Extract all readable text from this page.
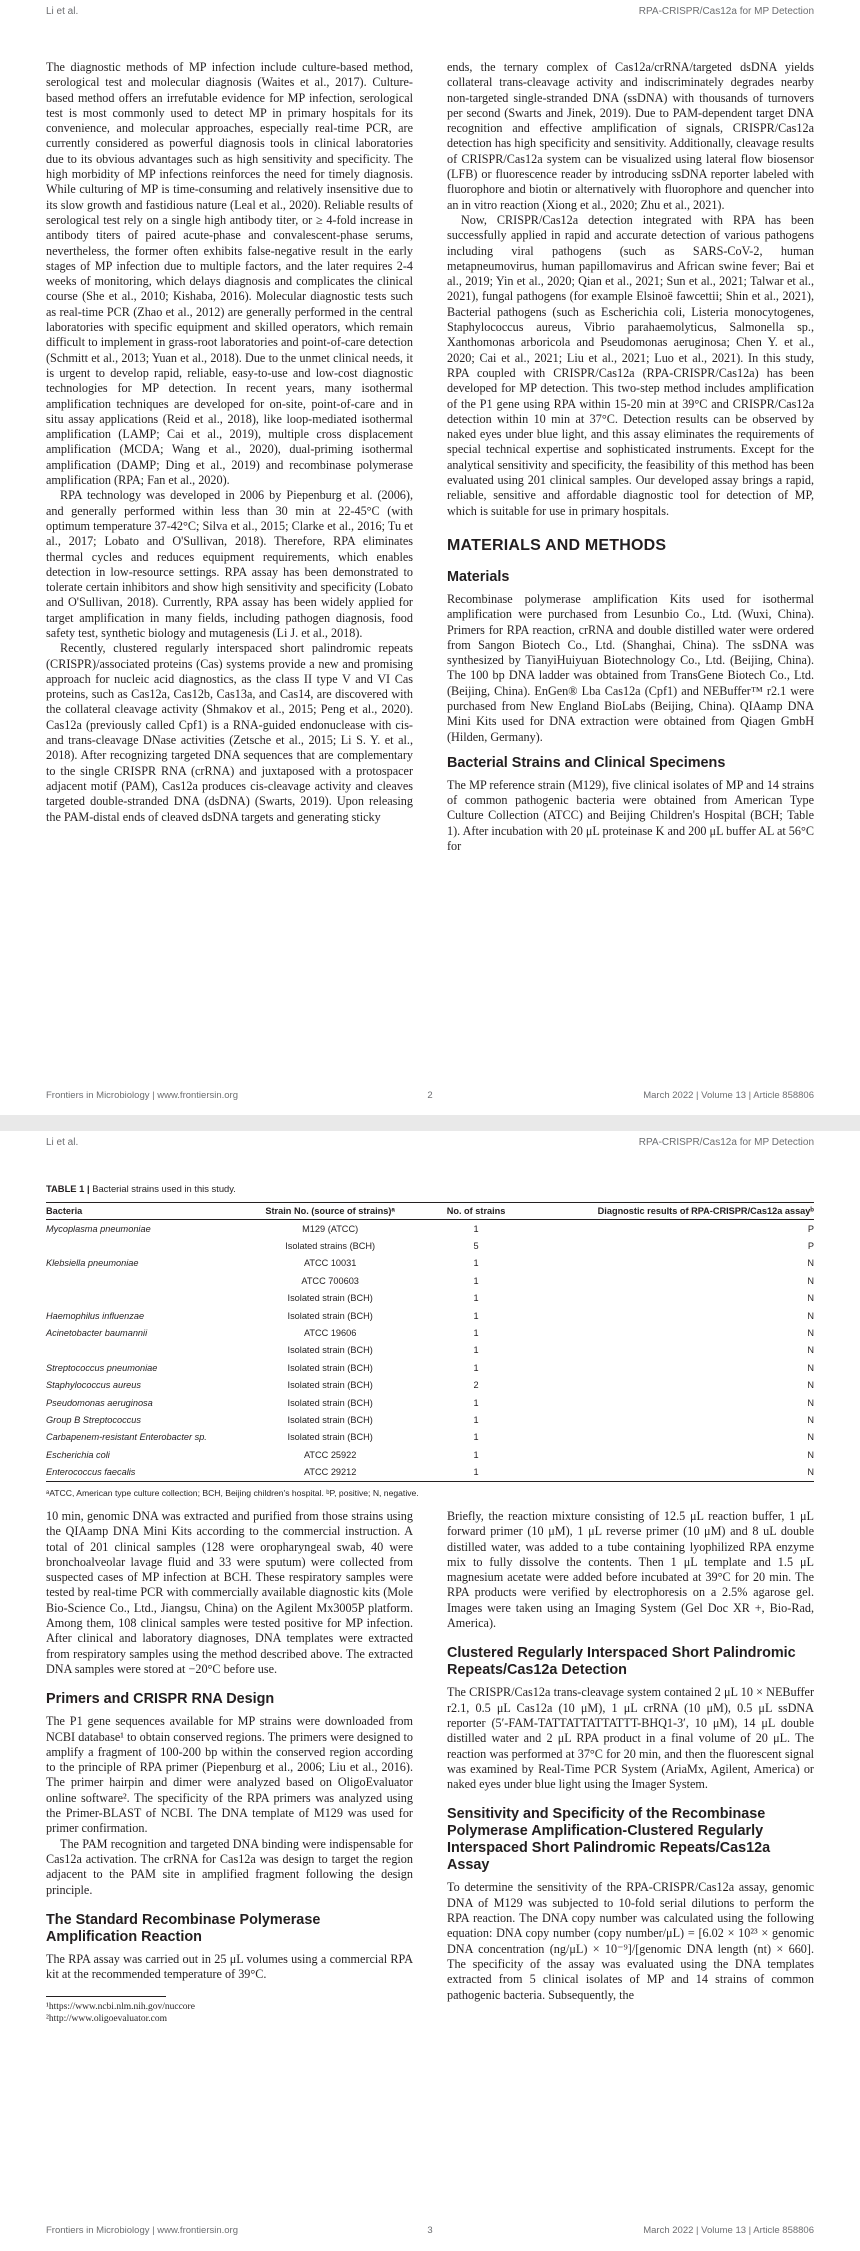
Li et al.	RPA-CRISPR/Cas12a for MP Detection

The diagnostic methods of MP infection include culture-based method, serological test and molecular diagnosis (Waites et al., 2017). Culture-based method offers an irrefutable evidence for MP infection, serological test is most commonly used to detect MP in primary hospitals for its convenience, and molecular approaches, especially real-time PCR, are currently considered as powerful diagnosis tools in clinical laboratories due to its obvious advantages such as high sensitivity and specificity. The high morbidity of MP infections reinforces the need for timely diagnosis. While culturing of MP is time-consuming and relatively insensitive due to its slow growth and fastidious nature (Leal et al., 2020). Reliable results of serological test rely on a single high antibody titer, or ≥ 4-fold increase in antibody titers of paired acute-phase and convalescent-phase serums, nevertheless, the former often exhibits false-negative result in the early stages of MP infection due to multiple factors, and the later requires 2-4 weeks of monitoring, which delays diagnosis and complicates the clinical course (She et al., 2010; Kishaba, 2016). Molecular diagnostic tests such as real-time PCR (Zhao et al., 2012) are generally performed in the central laboratories with specific equipment and skilled operators, which remain difficult to implement in grass-root laboratories and point-of-care detection (Schmitt et al., 2013; Yuan et al., 2018). Due to the unmet clinical needs, it is urgent to develop rapid, reliable, easy-to-use and low-cost diagnostic technologies for MP detection. In recent years, many isothermal amplification techniques are developed for on-site, point-of-care and in situ assay applications (Reid et al., 2018), like loop-mediated isothermal amplification (LAMP; Cai et al., 2019), multiple cross displacement amplification (MCDA; Wang et al., 2020), dual-priming isothermal amplification (DAMP; Ding et al., 2019) and recombinase polymerase amplification (RPA; Fan et al., 2020).

RPA technology was developed in 2006 by Piepenburg et al. (2006), and generally performed within less than 30 min at 22-45°C (with optimum temperature 37-42°C; Silva et al., 2015; Clarke et al., 2016; Tu et al., 2017; Lobato and O'Sullivan, 2018). Therefore, RPA eliminates thermal cycles and reduces equipment requirements, which enables detection in low-resource settings. RPA assay has been demonstrated to tolerate certain inhibitors and show high sensitivity and specificity (Lobato and O'Sullivan, 2018). Currently, RPA assay has been widely applied for target amplification in many fields, including pathogen diagnosis, food safety test, synthetic biology and mutagenesis (Li J. et al., 2018).

Recently, clustered regularly interspaced short palindromic repeats (CRISPR)/associated proteins (Cas) systems provide a new and promising approach for nucleic acid diagnostics, as the class II type V and VI Cas proteins, such as Cas12a, Cas12b, Cas13a, and Cas14, are discovered with the collateral cleavage activity (Shmakov et al., 2015; Peng et al., 2020). Cas12a (previously called Cpf1) is a RNA-guided endonuclease with cis- and trans-cleavage DNase activities (Zetsche et al., 2015; Li S. Y. et al., 2018). After recognizing targeted DNA sequences that are complementary to the single CRISPR RNA (crRNA) and juxtaposed with a protospacer adjacent motif (PAM), Cas12a produces cis-cleavage activity and cleaves targeted double-stranded DNA (dsDNA) (Swarts, 2019). Upon releasing the PAM-distal ends of cleaved dsDNA targets and generating sticky

ends, the ternary complex of Cas12a/crRNA/targeted dsDNA yields collateral trans-cleavage activity and indiscriminately degrades nearby non-targeted single-stranded DNA (ssDNA) with thousands of turnovers per second (Swarts and Jinek, 2019). Due to PAM-dependent target DNA recognition and effective amplification of signals, CRISPR/Cas12a detection has high specificity and sensitivity. Additionally, cleavage results of CRISPR/Cas12a system can be visualized using lateral flow biosensor (LFB) or fluorescence reader by introducing ssDNA reporter labeled with fluorophore and biotin or alternatively with fluorophore and quencher into an in vitro reaction (Xiong et al., 2020; Zhu et al., 2021).

Now, CRISPR/Cas12a detection integrated with RPA has been successfully applied in rapid and accurate detection of various pathogens including viral pathogens (such as SARS-CoV-2, human metapneumovirus, human papillomavirus and African swine fever; Bai et al., 2019; Yin et al., 2020; Qian et al., 2021; Sun et al., 2021; Talwar et al., 2021), fungal pathogens (for example Elsinoë fawcettii; Shin et al., 2021), Bacterial pathogens (such as Escherichia coli, Listeria monocytogenes, Staphylococcus aureus, Vibrio parahaemolyticus, Salmonella sp., Xanthomonas arboricola and Pseudomonas aeruginosa; Chen Y. et al., 2020; Cai et al., 2021; Liu et al., 2021; Luo et al., 2021). In this study, RPA coupled with CRISPR/Cas12a (RPA-CRISPR/Cas12a) has been developed for MP detection. This two-step method includes amplification of the P1 gene using RPA within 15-20 min at 39°C and CRISPR/Cas12a detection within 10 min at 37°C. Detection results can be observed by naked eyes under blue light, and this assay eliminates the requirements of special technical expertise and sophisticated instruments. Except for the analytical sensitivity and specificity, the feasibility of this method has been evaluated using 201 clinical samples. Our developed assay brings a rapid, reliable, sensitive and affordable diagnostic tool for detection of MP, which is suitable for use in primary hospitals.

MATERIALS AND METHODS
Materials

Recombinase polymerase amplification Kits used for isothermal amplification were purchased from Lesunbio Co., Ltd. (Wuxi, China). Primers for RPA reaction, crRNA and double distilled water were ordered from Sangon Biotech Co., Ltd. (Shanghai, China). The ssDNA was synthesized by TianyiHuiyuan Biotechnology Co., Ltd. (Beijing, China). The 100 bp DNA ladder was obtained from TransGene Biotech Co., Ltd. (Beijing, China). EnGen® Lba Cas12a (Cpf1) and NEBuffer™ r2.1 were purchased from New England BioLabs (Beijing, China). QIAamp DNA Mini Kits used for DNA extraction were obtained from Qiagen GmbH (Hilden, Germany).

Bacterial Strains and Clinical Specimens

The MP reference strain (M129), five clinical isolates of MP and 14 strains of common pathogenic bacteria were obtained from American Type Culture Collection (ATCC) and Beijing Children's Hospital (BCH; Table 1). After incubation with 20 μL proteinase K and 200 μL buffer AL at 56°C for

Frontiers in Microbiology | www.frontiersin.org	2	March 2022 | Volume 13 | Article 858806
Li et al.	RPA-CRISPR/Cas12a for MP Detection
TABLE 1 | Bacterial strains used in this study.
Bacteria	Strain No. (source of strains)ᵃ	No. of strains	Diagnostic results of RPA-CRISPR/Cas12a assayᵇ
Mycoplasma pneumoniae	M129 (ATCC)	1	P
	Isolated strains (BCH)	5	P
Klebsiella pneumoniae	ATCC 10031	1	N
	ATCC 700603	1	N
	Isolated strain (BCH)	1	N
Haemophilus influenzae	Isolated strain (BCH)	1	N
Acinetobacter baumannii	ATCC 19606	1	N
	Isolated strain (BCH)	1	N
Streptococcus pneumoniae	Isolated strain (BCH)	1	N
Staphylococcus aureus	Isolated strain (BCH)	2	N
Pseudomonas aeruginosa	Isolated strain (BCH)	1	N
Group B Streptococcus	Isolated strain (BCH)	1	N
Carbapenem-resistant Enterobacter sp.	Isolated strain (BCH)	1	N
Escherichia coli	ATCC 25922	1	N
Enterococcus faecalis	ATCC 29212	1	N
ᵃATCC, American type culture collection; BCH, Beijing children's hospital. ᵇP, positive; N, negative.

10 min, genomic DNA was extracted and purified from those strains using the QIAamp DNA Mini Kits according to the commercial instruction. A total of 201 clinical samples (128 were oropharyngeal swab, 40 were bronchoalveolar lavage fluid and 33 were sputum) were collected from suspected cases of MP infection at BCH. These respiratory samples were tested by real-time PCR with commercially available diagnostic kits (Mole Bio-Science Co., Ltd., Jiangsu, China) on the Agilent Mx3005P platform. Among them, 108 clinical samples were tested positive for MP infection. After clinical and laboratory diagnoses, DNA templates were extracted from respiratory samples using the method described above. The extracted DNA samples were stored at −20°C before use.

Primers and CRISPR RNA Design

The P1 gene sequences available for MP strains were downloaded from NCBI database¹ to obtain conserved regions. The primers were designed to amplify a fragment of 100-200 bp within the conserved region according to the principle of RPA primer (Piepenburg et al., 2006; Liu et al., 2016). The primer hairpin and dimer were analyzed based on OligoEvaluator online software². The specificity of the RPA primers was analyzed using the Primer-BLAST of NCBI. The DNA template of M129 was used for primer confirmation.

The PAM recognition and targeted DNA binding were indispensable for Cas12a activation. The crRNA for Cas12a was design to target the region adjacent to the PAM site in amplified fragment following the design principle.

The Standard Recombinase Polymerase Amplification Reaction

The RPA assay was carried out in 25 μL volumes using a commercial RPA kit at the recommended temperature of 39°C.

¹https://www.ncbi.nlm.nih.gov/nuccore
²http://www.oligoevaluator.com

Briefly, the reaction mixture consisting of 12.5 μL reaction buffer, 1 μL forward primer (10 μM), 1 μL reverse primer (10 μM) and 8 uL double distilled water, was added to a tube containing lyophilized RPA enzyme mix to fully dissolve the contents. Then 1 μL template and 1.5 μL magnesium acetate were added before incubated at 39°C for 20 min. The RPA products were verified by electrophoresis on a 2.5% agarose gel. Images were taken using an Imaging System (Gel Doc XR +, Bio-Rad, America).

Clustered Regularly Interspaced Short Palindromic Repeats/Cas12a Detection

The CRISPR/Cas12a trans-cleavage system contained 2 μL 10 × NEBuffer r2.1, 0.5 μL Cas12a (10 μM), 1 μL crRNA (10 μM), 0.5 μL ssDNA reporter (5′-FAM-TATTATTATTATTT-BHQ1-3′, 10 μM), 14 μL double distilled water and 2 μL RPA product in a final volume of 20 μL. The reaction was performed at 37°C for 20 min, and then the fluorescent signal was examined by Real-Time PCR System (AriaMx, Agilent, America) or naked eyes under blue light using the Imager System.

Sensitivity and Specificity of the Recombinase Polymerase Amplification-Clustered Regularly Interspaced Short Palindromic Repeats/Cas12a Assay

To determine the sensitivity of the RPA-CRISPR/Cas12a assay, genomic DNA of M129 was subjected to 10-fold serial dilutions to perform the RPA reaction. The DNA copy number was calculated using the following equation: DNA copy number (copy number/μL) = [6.02 × 10²³ × genomic DNA concentration (ng/μL) × 10⁻⁹]/[genomic DNA length (nt) × 660]. The specificity of the assay was evaluated using the DNA templates extracted from 5 clinical isolates of MP and 14 strains of common pathogenic bacteria. Subsequently, the

Frontiers in Microbiology | www.frontiersin.org	3	March 2022 | Volume 13 | Article 858806
